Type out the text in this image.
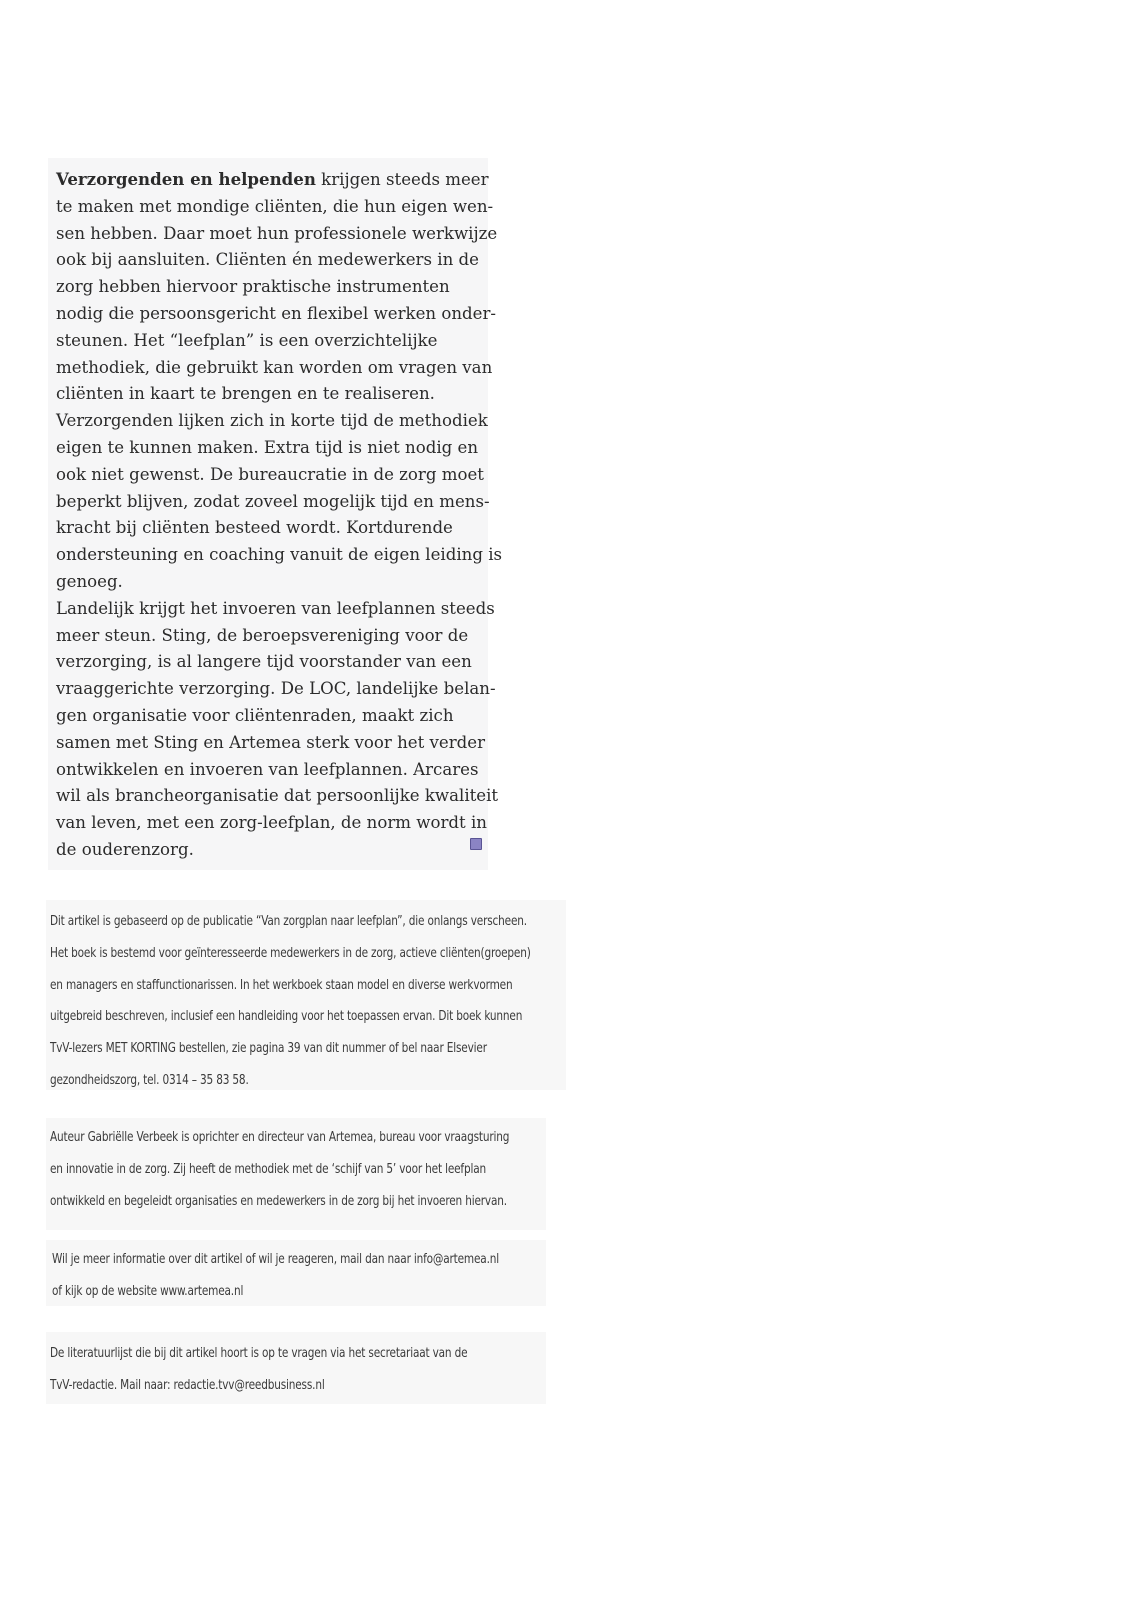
Verzorgenden en helpenden krijgen steeds meer
te maken met mondige cliënten, die hun eigen wen-
sen hebben. Daar moet hun professionele werkwijze
ook bij aansluiten. Cliënten én medewerkers in de
zorg hebben hiervoor praktische instrumenten
nodig die persoonsgericht en flexibel werken onder-
steunen. Het “leefplan” is een overzichtelijke
methodiek, die gebruikt kan worden om vragen van
cliënten in kaart te brengen en te realiseren.
Verzorgenden lijken zich in korte tijd de methodiek
eigen te kunnen maken. Extra tijd is niet nodig en
ook niet gewenst. De bureaucratie in de zorg moet
beperkt blijven, zodat zoveel mogelijk tijd en mens-
kracht bij cliënten besteed wordt. Kortdurende
ondersteuning en coaching vanuit de eigen leiding is
genoeg.
Landelijk krijgt het invoeren van leefplannen steeds
meer steun. Sting, de beroepsvereniging voor de
verzorging, is al langere tijd voorstander van een
vraaggerichte verzorging. De LOC, landelijke belan-
gen organisatie voor cliëntenraden, maakt zich
samen met Sting en Artemea sterk voor het verder
ontwikkelen en invoeren van leefplannen. Arcares
wil als brancheorganisatie dat persoonlijke kwaliteit
van leven, met een zorg-leefplan, de norm wordt in
de ouderenzorg.
Dit artikel is gebaseerd op de publicatie “Van zorgplan naar leefplan”, die onlangs verscheen.
Het boek is bestemd voor geïnteresseerde medewerkers in de zorg, actieve cliënten(groepen)
en managers en staffunctionarissen. In het werkboek staan model en diverse werkvormen
uitgebreid beschreven, inclusief een handleiding voor het toepassen ervan. Dit boek kunnen
TvV-lezers MET KORTING bestellen, zie pagina 39 van dit nummer of bel naar Elsevier
gezondheidszorg, tel. 0314 – 35 83 58.
Auteur Gabriëlle Verbeek is oprichter en directeur van Artemea, bureau voor vraagsturing
en innovatie in de zorg. Zij heeft de methodiek met de ‘schijf van 5’ voor het leefplan
ontwikkeld en begeleidt organisaties en medewerkers in de zorg bij het invoeren hiervan.
Wil je meer informatie over dit artikel of wil je reageren, mail dan naar info@artemea.nl
of kijk op de website www.artemea.nl
De literatuurlijst die bij dit artikel hoort is op te vragen via het secretariaat van de
TvV-redactie. Mail naar: redactie.tvv@reedbusiness.nl
